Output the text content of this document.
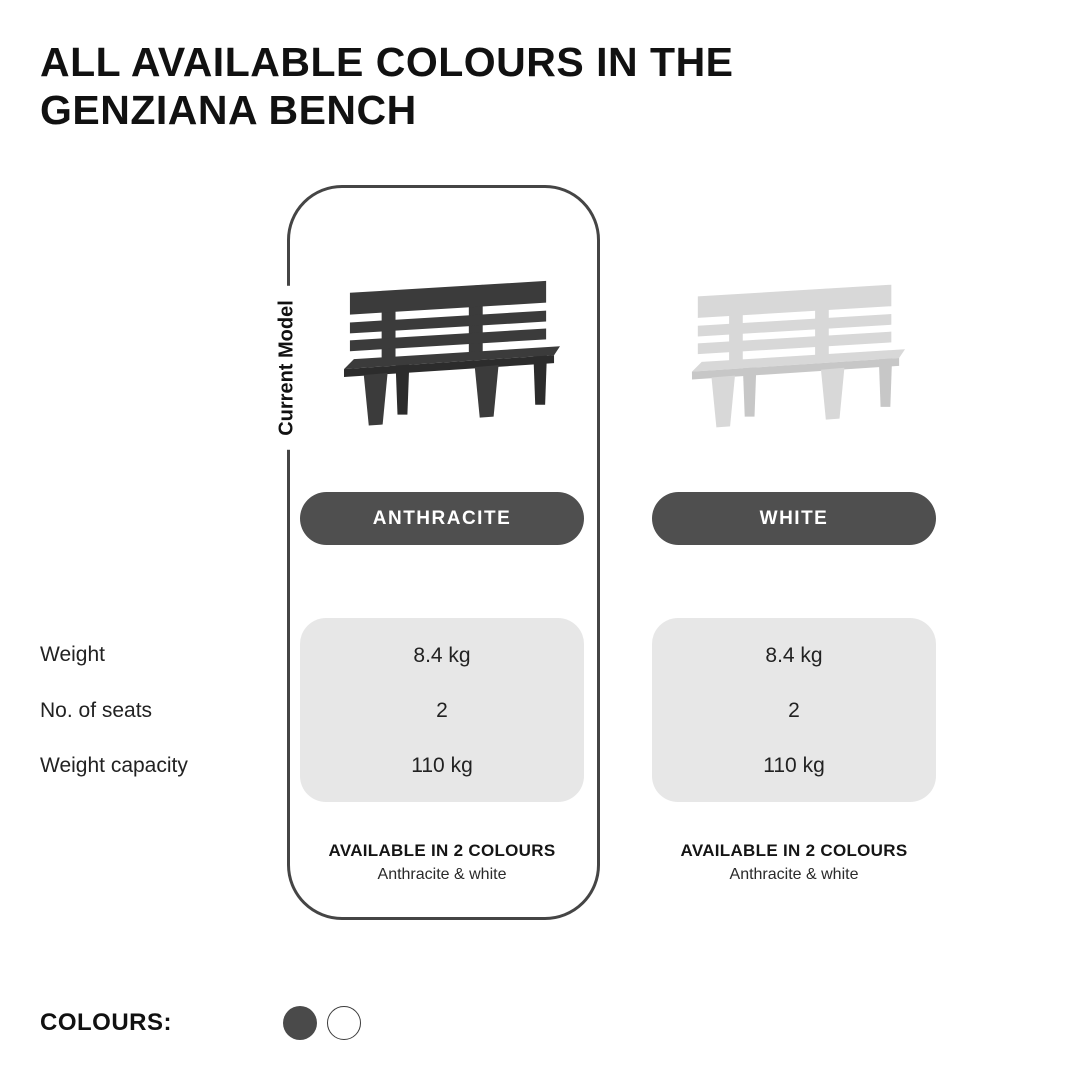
ALL AVAILABLE COLOURS IN THE GENZIANA BENCH
Current Model
ANTHRACITE	WHITE
Weight
No. of seats
Weight capacity
8.4 kg
2
110 kg
8.4 kg
2
110 kg
AVAILABLE IN 2 COLOURS
Anthracite & white
AVAILABLE IN 2 COLOURS
Anthracite & white
COLOURS:
